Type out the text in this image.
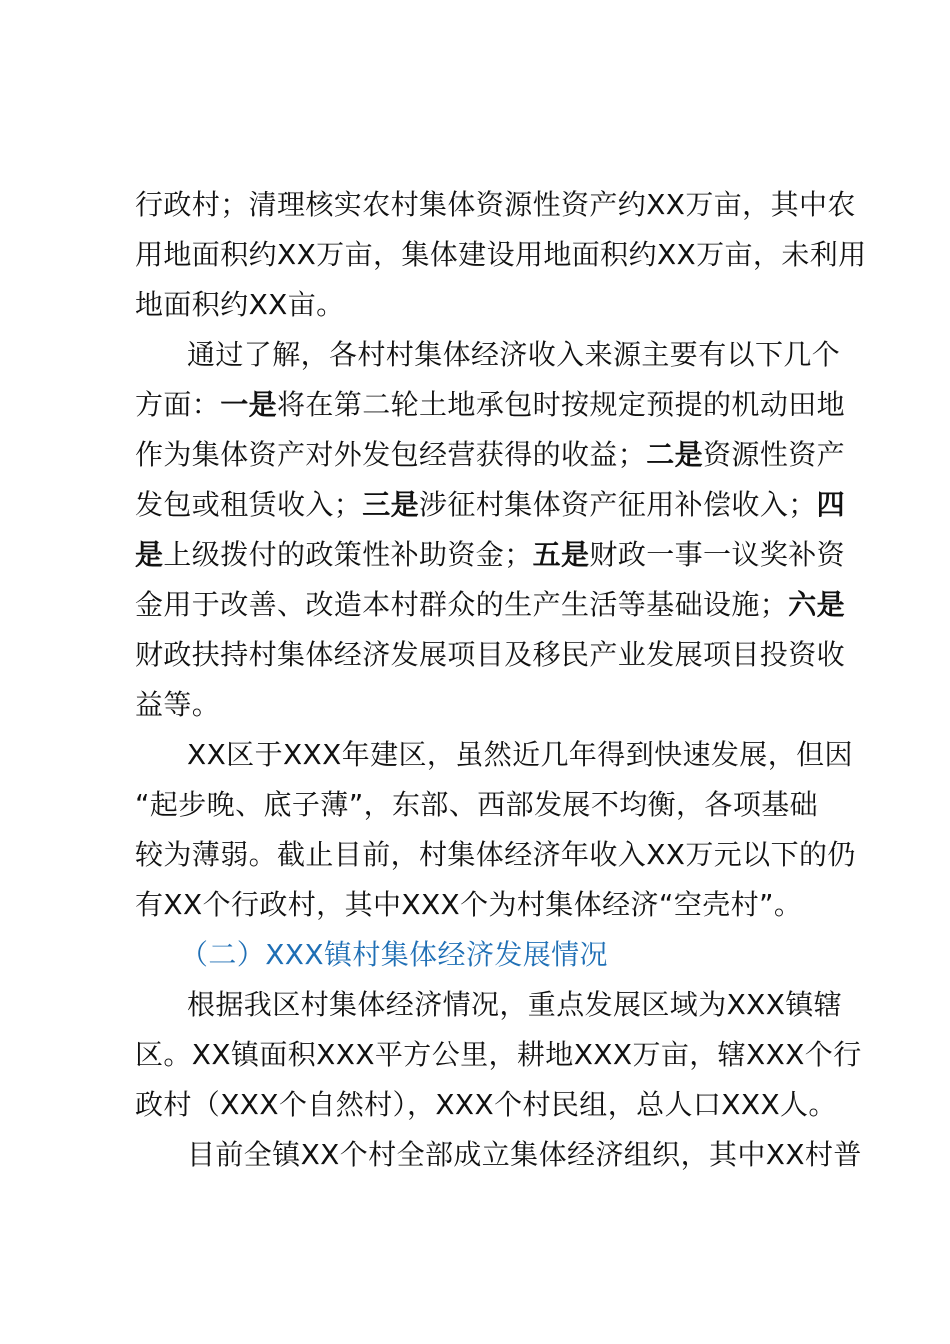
行政村；清理核实农村集体资源性资产约XX万亩，其中农
用地面积约XX万亩，集体建设用地面积约XX万亩，未利用
地面积约XX亩。
通过了解，各村村集体经济收入来源主要有以下几个
方面：一是将在第二轮土地承包时按规定预提的机动田地
作为集体资产对外发包经营获得的收益；二是资源性资产
发包或租赁收入；三是涉征村集体资产征用补偿收入；四
是上级拨付的政策性补助资金；五是财政一事一议奖补资
金用于改善、改造本村群众的生产生活等基础设施；六是
财政扶持村集体经济发展项目及移民产业发展项目投资收
益等。
XX区于XXX年建区，虽然近几年得到快速发展，但因
“起步晚、底子薄”，东部、西部发展不均衡，各项基础
较为薄弱。截止目前，村集体经济年收入XX万元以下的仍
有XX个行政村，其中XXX个为村集体经济“空壳村”。
（二）XXX镇村集体经济发展情况
根据我区村集体经济情况，重点发展区域为XXX镇辖
区。XX镇面积XXX平方公里，耕地XXX万亩，辖XXX个行
政村（XXX个自然村），XXX个村民组，总人口XXX人。
目前全镇XX个村全部成立集体经济组织，其中XX村普
